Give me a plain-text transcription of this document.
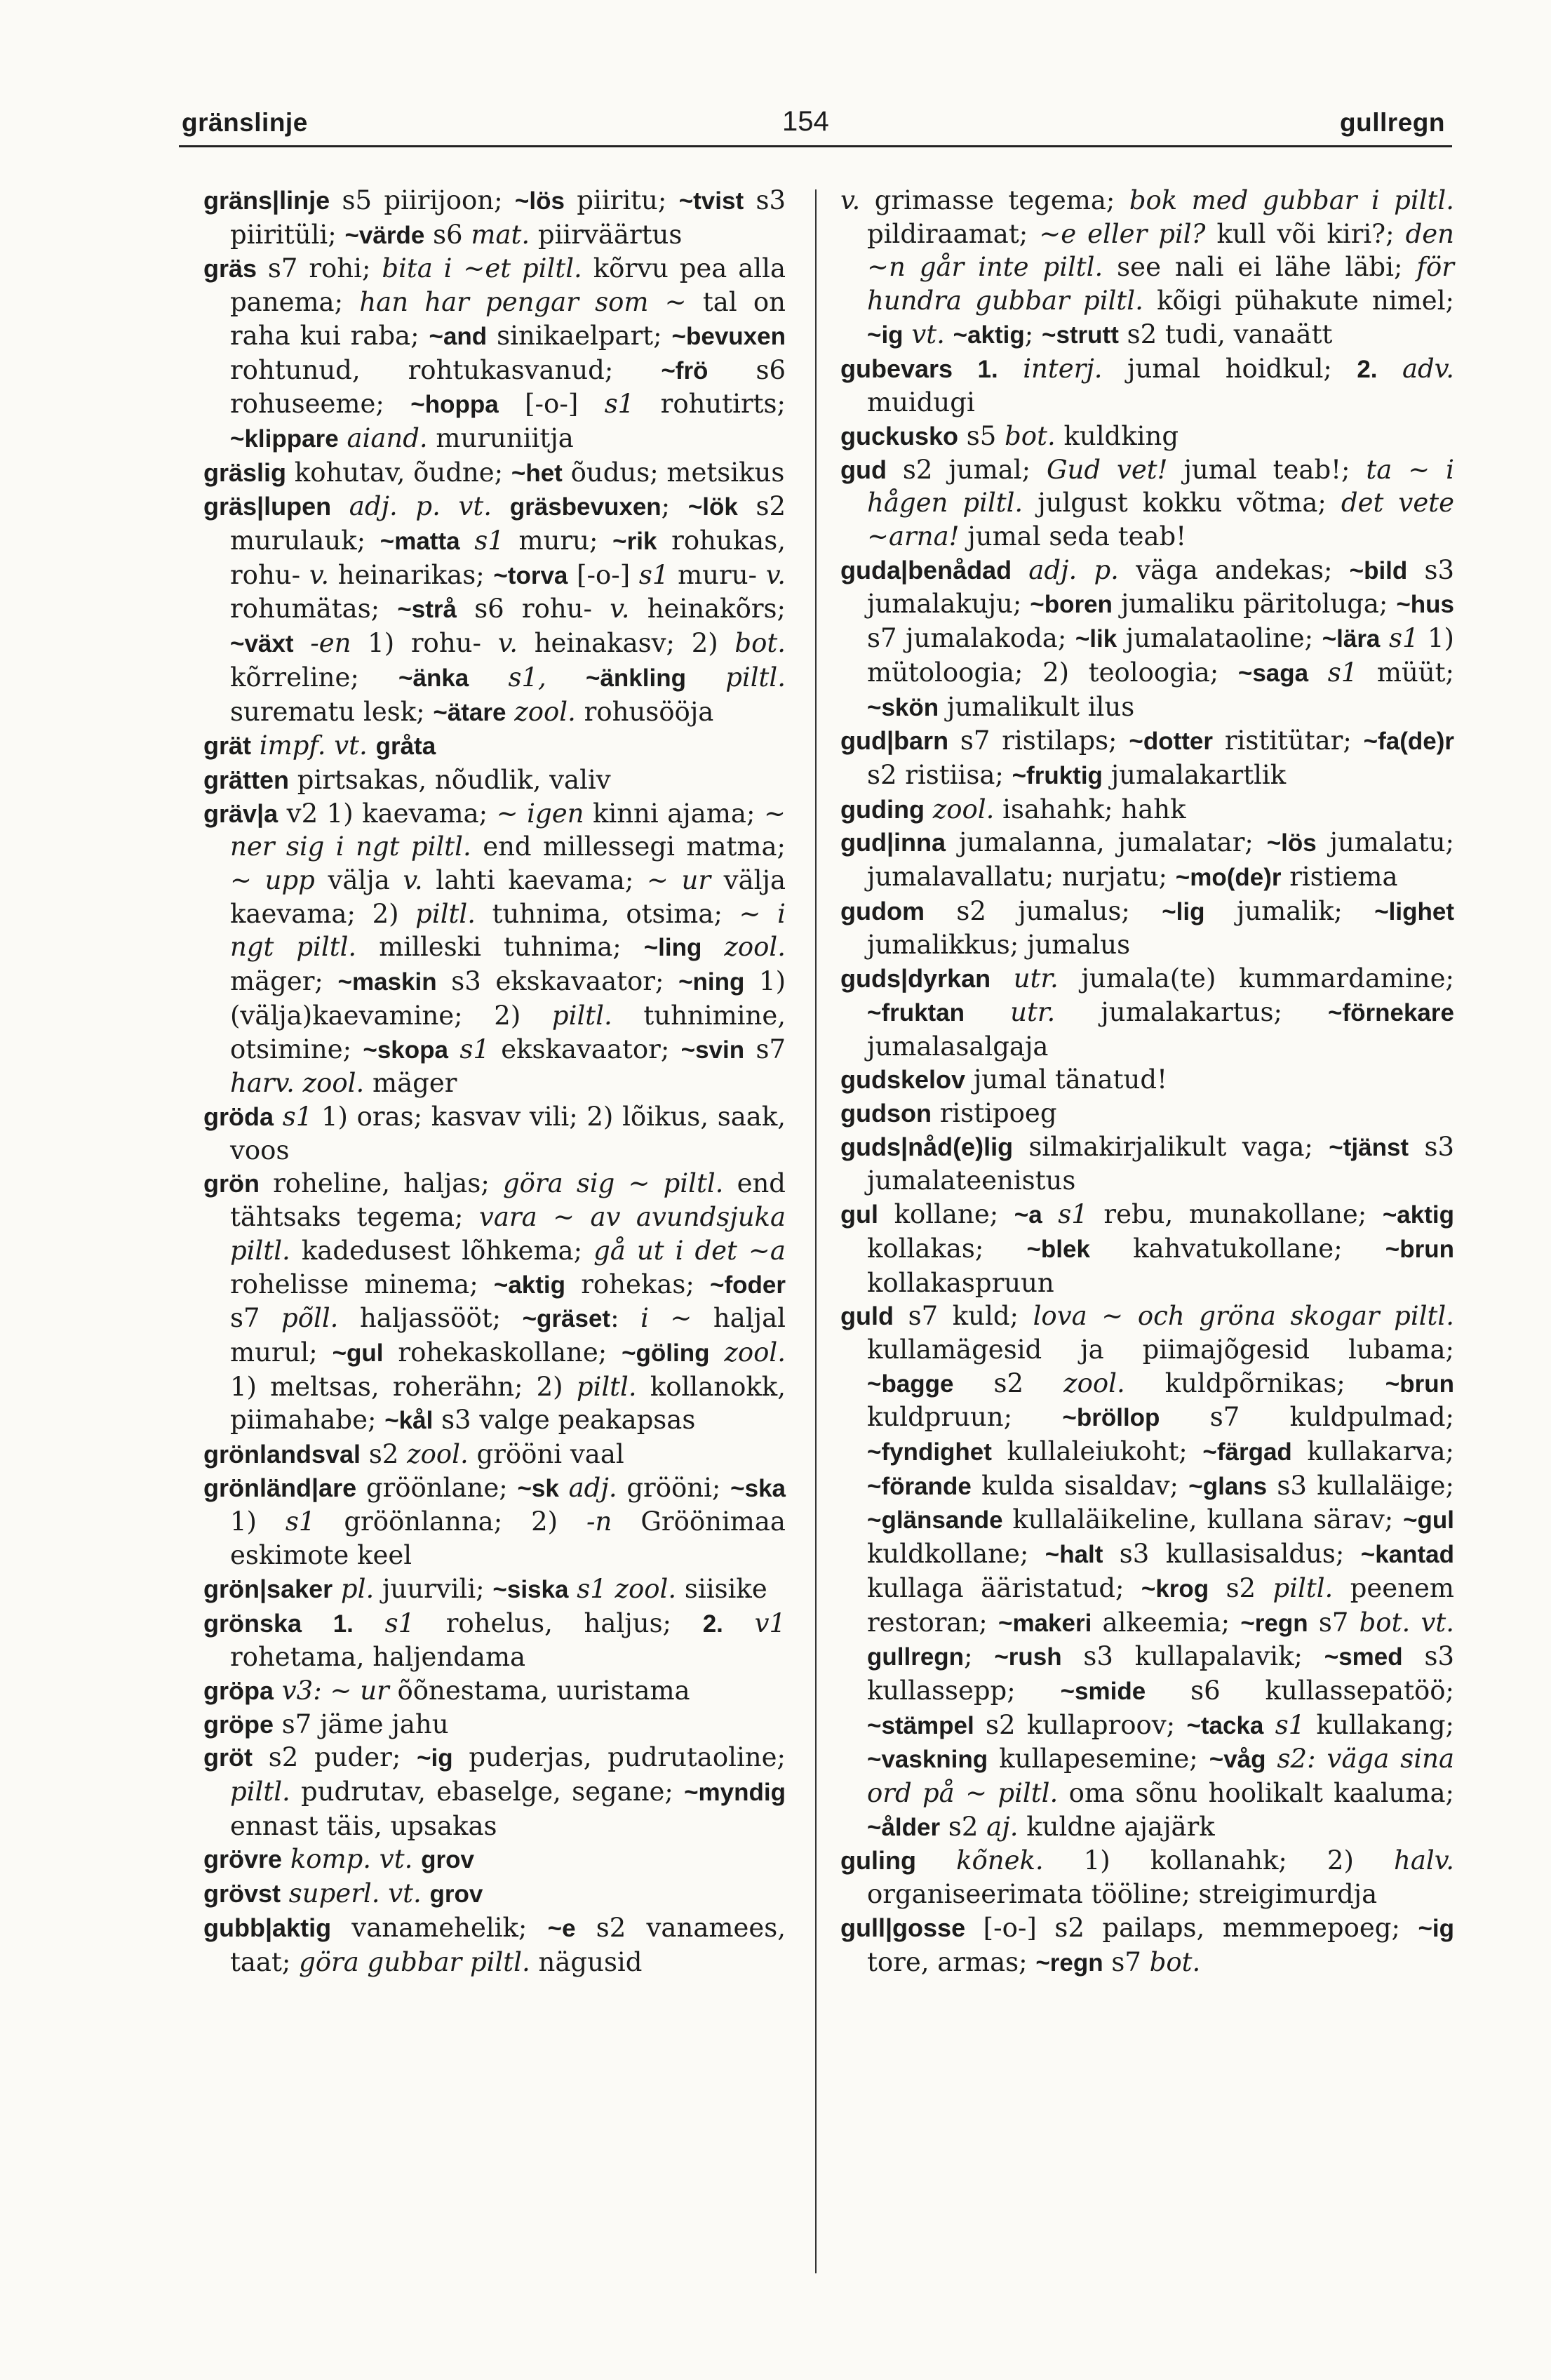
gränslinje	154	gullregn

gräns|linje s5 piirijoon; ~lös piiritu; ~tvist s3 piiritüli; ~värde s6 mat. piirväärtus

gräs s7 rohi; bita i ~et piltl. kõrvu pea alla panema; han har pengar som ~ tal on raha kui raba; ~and sinikaelpart; ~bevuxen rohtunud, rohtukasvanud; ~frö s6 rohuseeme; ~hoppa [-o-] s1 rohutirts; ~klippare aiand. muruniitja

gräslig kohutav, õudne; ~het õudus; metsikus

gräs|lupen adj. p. vt. gräsbevuxen; ~lök s2 murulauk; ~matta s1 muru; ~rik rohukas, rohu- v. heinarikas; ~torva [-o-] s1 muru- v. rohumätas; ~strå s6 rohu- v. heinakõrs; ~växt -en 1) rohu- v. heinakasv; 2) bot. kõrreline; ~änka s1, ~änkling piltl. surematu lesk; ~ätare zool. rohusööja

grät impf. vt. gråta

grätten pirtsakas, nõudlik, valiv

gräv|a v2 1) kaevama; ~ igen kinni ajama; ~ ner sig i ngt piltl. end millessegi matma; ~ upp välja v. lahti kaevama; ~ ur välja kaevama; 2) piltl. tuhnima, otsima; ~ i ngt piltl. milleski tuhnima; ~ling zool. mäger; ~maskin s3 ekskavaator; ~ning 1) (välja)kaevamine; 2) piltl. tuhnimine, otsimine; ~skopa s1 ekskavaator; ~svin s7 harv. zool. mäger

gröda s1 1) oras; kasvav vili; 2) lõikus, saak, voos

grön roheline, haljas; göra sig ~ piltl. end tähtsaks tegema; vara ~ av avundsjuka piltl. kadedusest lõhkema; gå ut i det ~a rohelisse minema; ~aktig rohekas; ~foder s7 põll. haljassööt; ~gräset: i ~ haljal murul; ~gul rohekaskollane; ~göling zool. 1) meltsas, roherähn; 2) piltl. kollanokk, piimahabe; ~kål s3 valge peakapsas

grönlandsval s2 zool. grööni vaal

grönländ|are gröönlane; ~sk adj. grööni; ~ska 1) s1 gröönlanna; 2) -n Gröönimaa eskimote keel

grön|saker pl. juurvili; ~siska s1 zool. siisike

grönska 1. s1 rohelus, haljus; 2. v1 rohetama, haljendama

gröpa v3: ~ ur õõnestama, uuristama

gröpe s7 jäme jahu

gröt s2 puder; ~ig puderjas, pudrutaoline; piltl. pudrutav, ebaselge, segane; ~myndig ennast täis, upsakas

grövre komp. vt. grov

grövst superl. vt. grov

gubb|aktig vanamehelik; ~e s2 vanamees, taat; göra gubbar piltl. nägusid

v. grimasse tegema; bok med gubbar i piltl. pildiraamat; ~e eller pil? kull või kiri?; den ~n går inte piltl. see nali ei lähe läbi; för hundra gubbar piltl. kõigi pühakute nimel; ~ig vt. ~aktig; ~strutt s2 tudi, vanaätt

gubevars 1. interj. jumal hoidkul; 2. adv. muidugi

guckusko s5 bot. kuldking

gud s2 jumal; Gud vet! jumal teab!; ta ~ i hågen piltl. julgust kokku võtma; det vete ~arna! jumal seda teab!

guda|benådad adj. p. väga andekas; ~bild s3 jumalakuju; ~boren jumaliku päritoluga; ~hus s7 jumalakoda; ~lik jumalataoline; ~lära s1 1) mütoloogia; 2) teoloogia; ~saga s1 müüt; ~skön jumalikult ilus

gud|barn s7 ristilaps; ~dotter ristitütar; ~fa(de)r s2 ristiisa; ~fruktig jumalakartlik

guding zool. isahahk; hahk

gud|inna jumalanna, jumalatar; ~lös jumalatu; jumalavallatu; nurjatu; ~mo(de)r ristiema

gudom s2 jumalus; ~lig jumalik; ~lighet jumalikkus; jumalus

guds|dyrkan utr. jumala(te) kummardamine; ~fruktan utr. jumalakartus; ~förnekare jumalasalgaja

gudskelov jumal tänatud!

gudson ristipoeg

guds|nåd(e)lig silmakirjalikult vaga; ~tjänst s3 jumalateenistus

gul kollane; ~a s1 rebu, munakollane; ~aktig kollakas; ~blek kahvatukollane; ~brun kollakaspruun

guld s7 kuld; lova ~ och gröna skogar piltl. kullamägesid ja piimajõgesid lubama; ~bagge s2 zool. kuldpõrnikas; ~brun kuldpruun; ~bröllop s7 kuldpulmad; ~fyndighet kullaleiukoht; ~färgad kullakarva; ~förande kulda sisaldav; ~glans s3 kullaläige; ~glänsande kullaläikeline, kullana särav; ~gul kuldkollane; ~halt s3 kullasisaldus; ~kantad kullaga ääristatud; ~krog s2 piltl. peenem restoran; ~makeri alkeemia; ~regn s7 bot. vt. gullregn; ~rush s3 kullapalavik; ~smed s3 kullassepp; ~smide s6 kullassepatöö; ~stämpel s2 kullaproov; ~tacka s1 kullakang; ~vaskning kullapesemine; ~våg s2: väga sina ord på ~ piltl. oma sõnu hoolikalt kaaluma; ~ålder s2 aj. kuldne ajajärk

guling kõnek. 1) kollanahk; 2) halv. organiseerimata tööline; streigimurdja

gull|gosse [-o-] s2 pailaps, memmepoeg; ~ig tore, armas; ~regn s7 bot.
